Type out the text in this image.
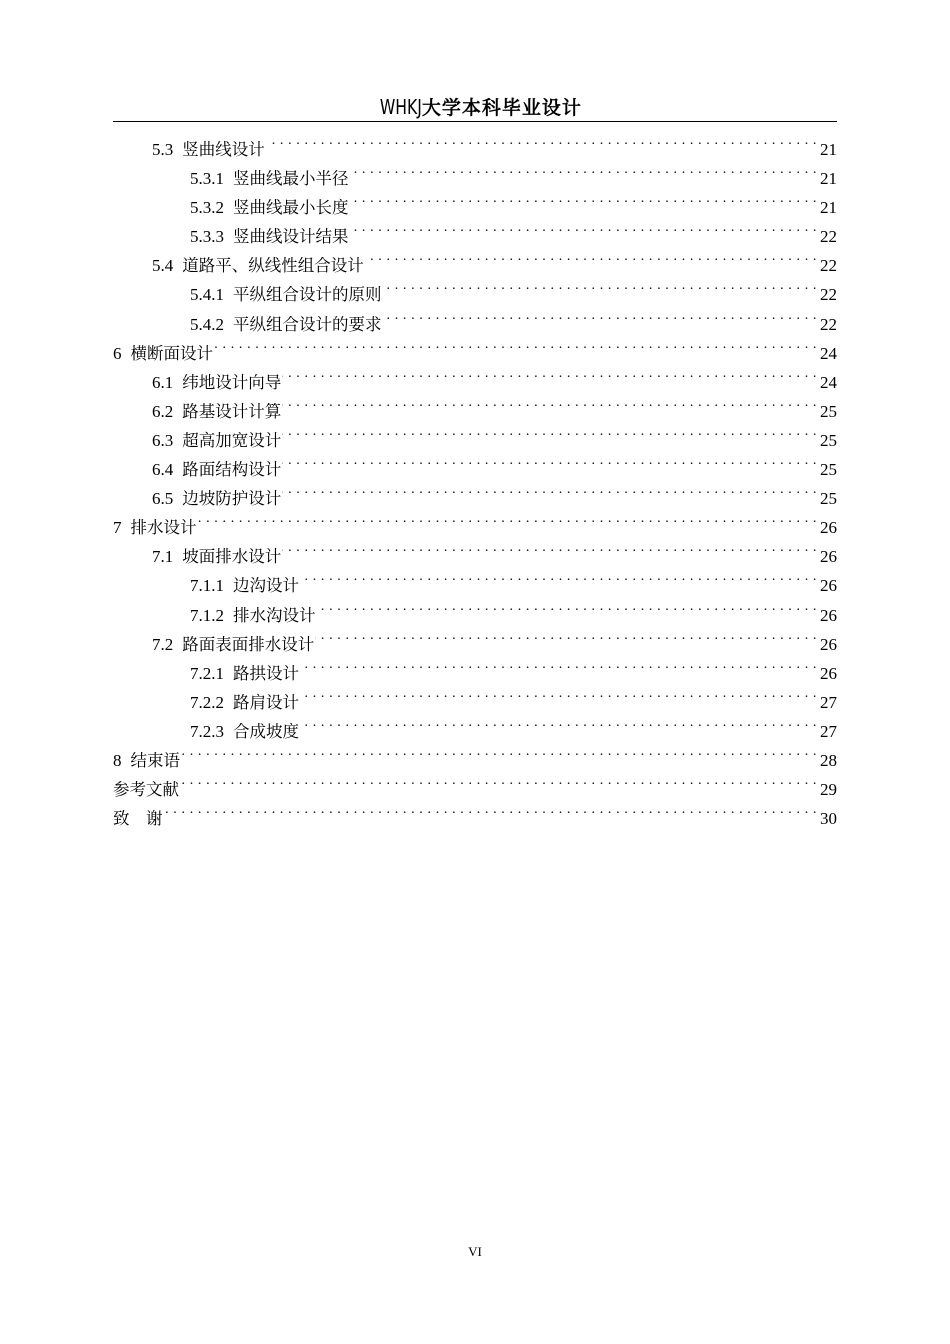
WHKJ大学本科毕业设计
5.3 竖曲线设计 . . .	21
5.3.1 竖曲线最小半径 . . .	21
5.3.2 竖曲线最小长度 . . .	21
5.3.3 竖曲线设计结果 . . .	22
5.4 道路平、纵线性组合设计 . . .	22
5.4.1 平纵组合设计的原则 . . .	22
5.4.2 平纵组合设计的要求 . . .	22
6 横断面设计 . . .	24
6.1 纬地设计向导 . . .	24
6.2 路基设计计算 . . .	25
6.3 超高加宽设计 . . .	25
6.4 路面结构设计 . . .	25
6.5 边坡防护设计 . . .	25
7 排水设计 . . .	26
7.1 坡面排水设计 . . .	26
7.1.1 边沟设计 . . .	26
7.1.2 排水沟设计 . . .	26
7.2 路面表面排水设计 . . .	26
7.2.1 路拱设计 . . .	26
7.2.2 路肩设计 . . .	27
7.2.3 合成坡度 . . .	27
8 结束语 . . .	28
参考文献 . . .	29
致　谢 . . .	30
VI
